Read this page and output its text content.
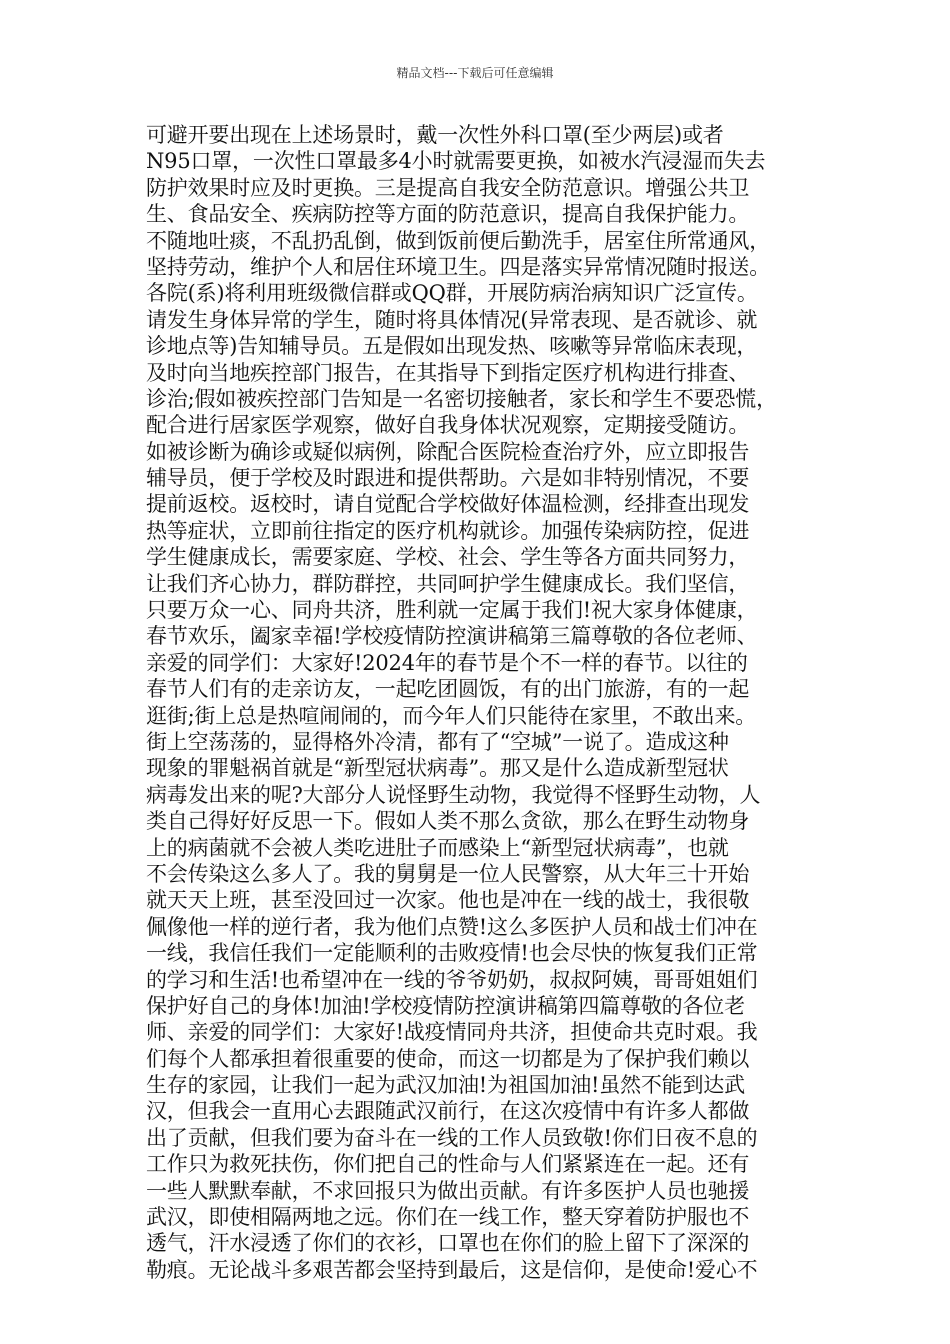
精品文档---下载后可任意编辑
可避开要出现在上述场景时，戴一次性外科口罩(至少两层)或者
N95口罩，一次性口罩最多4小时就需要更换，如被水汽浸湿而失去
防护效果时应及时更换。三是提高自我安全防范意识。增强公共卫
生、食品安全、疾病防控等方面的防范意识，提高自我保护能力。
不随地吐痰，不乱扔乱倒，做到饭前便后勤洗手，居室住所常通风，
坚持劳动，维护个人和居住环境卫生。四是落实异常情况随时报送。
各院(系)将利用班级微信群或QQ群，开展防病治病知识广泛宣传。
请发生身体异常的学生，随时将具体情况(异常表现、是否就诊、就
诊地点等)告知辅导员。五是假如出现发热、咳嗽等异常临床表现，
及时向当地疾控部门报告，在其指导下到指定医疗机构进行排查、
诊治;假如被疾控部门告知是一名密切接触者，家长和学生不要恐慌，
配合进行居家医学观察，做好自我身体状况观察，定期接受随访。
如被诊断为确诊或疑似病例，除配合医院检查治疗外，应立即报告
辅导员，便于学校及时跟进和提供帮助。六是如非特别情况，不要
提前返校。返校时，请自觉配合学校做好体温检测，经排查出现发
热等症状，立即前往指定的医疗机构就诊。加强传染病防控，促进
学生健康成长，需要家庭、学校、社会、学生等各方面共同努力，
让我们齐心协力，群防群控，共同呵护学生健康成长。我们坚信，
只要万众一心、同舟共济，胜利就一定属于我们!祝大家身体健康，
春节欢乐，阖家幸福!学校疫情防控演讲稿第三篇尊敬的各位老师、
亲爱的同学们：大家好!2024年的春节是个不一样的春节。以往的
春节人们有的走亲访友，一起吃团圆饭，有的出门旅游，有的一起
逛街;街上总是热喧闹闹的，而今年人们只能待在家里，不敢出来。
街上空荡荡的，显得格外冷清，都有了“空城”一说了。造成这种
现象的罪魁祸首就是“新型冠状病毒”。那又是什么造成新型冠状
病毒发出来的呢?大部分人说怪野生动物，我觉得不怪野生动物，人
类自己得好好反思一下。假如人类不那么贪欲，那么在野生动物身
上的病菌就不会被人类吃进肚子而感染上“新型冠状病毒”，也就
不会传染这么多人了。我的舅舅是一位人民警察，从大年三十开始
就天天上班，甚至没回过一次家。他也是冲在一线的战士，我很敬
佩像他一样的逆行者，我为他们点赞!这么多医护人员和战士们冲在
一线，我信任我们一定能顺利的击败疫情!也会尽快的恢复我们正常
的学习和生活!也希望冲在一线的爷爷奶奶，叔叔阿姨，哥哥姐姐们
保护好自己的身体!加油!学校疫情防控演讲稿第四篇尊敬的各位老
师、亲爱的同学们：大家好!战疫情同舟共济，担使命共克时艰。我
们每个人都承担着很重要的使命，而这一切都是为了保护我们赖以
生存的家园，让我们一起为武汉加油!为祖国加油!虽然不能到达武
汉，但我会一直用心去跟随武汉前行，在这次疫情中有许多人都做
出了贡献，但我们要为奋斗在一线的工作人员致敬!你们日夜不息的
工作只为救死扶伤，你们把自己的性命与人们紧紧连在一起。还有
一些人默默奉献，不求回报只为做出贡献。有许多医护人员也驰援
武汉，即使相隔两地之远。你们在一线工作，整天穿着防护服也不
透气，汗水浸透了你们的衣衫，口罩也在你们的脸上留下了深深的
勒痕。无论战斗多艰苦都会坚持到最后，这是信仰，是使命!爱心不
